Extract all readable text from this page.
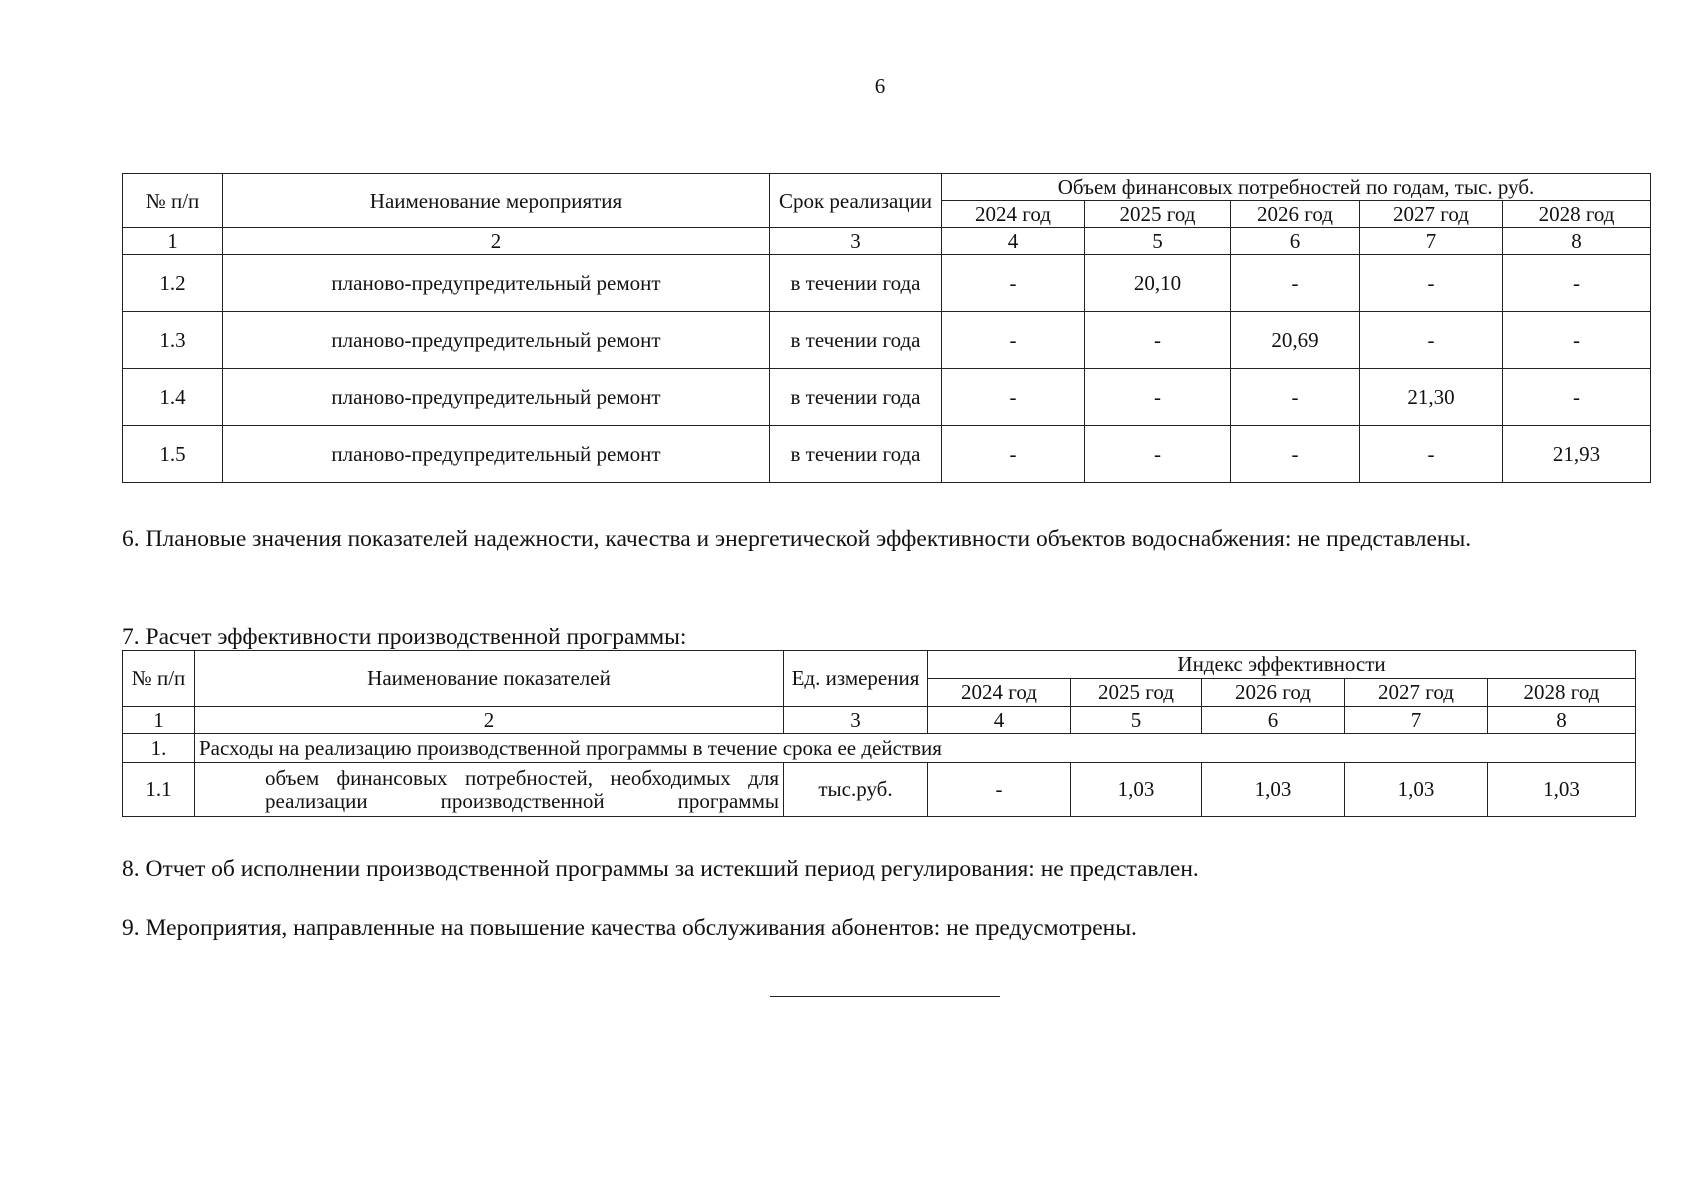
6
№ п/п	Наименование мероприятия	Срок реализации	Объем финансовых потребностей по годам, тыс. руб.				
			2024 год	2025 год	2026 год	2027 год	2028 год
1	2	3	4	5	6	7	8
1.2	планово-предупредительный ремонт	в течении года	-	20,10	-	-	-
1.3	планово-предупредительный ремонт	в течении года	-	-	20,69	-	-
1.4	планово-предупредительный ремонт	в течении года	-	-	-	21,30	-
1.5	планово-предупредительный ремонт	в течении года	-	-	-	-	21,93
6. Плановые значения показателей надежности, качества и энергетической эффективности объектов водоснабжения: не представлены.
7. Расчет эффективности производственной программы:
№ п/п	Наименование показателей	Ед. измерения	Индекс эффективности				
			2024 год	2025 год	2026 год	2027 год	2028 год
1	2	3	4	5	6	7	8
1.	Расходы на реализацию производственной программы в течение срока ее действия						
1.1	объем финансовых потребностей, необходимых для реализации производственной программы	тыс.руб.	-	1,03	1,03	1,03	1,03
8. Отчет об исполнении производственной программы за истекший период регулирования: не представлен.
9. Мероприятия, направленные на повышение качества обслуживания абонентов: не предусмотрены.
